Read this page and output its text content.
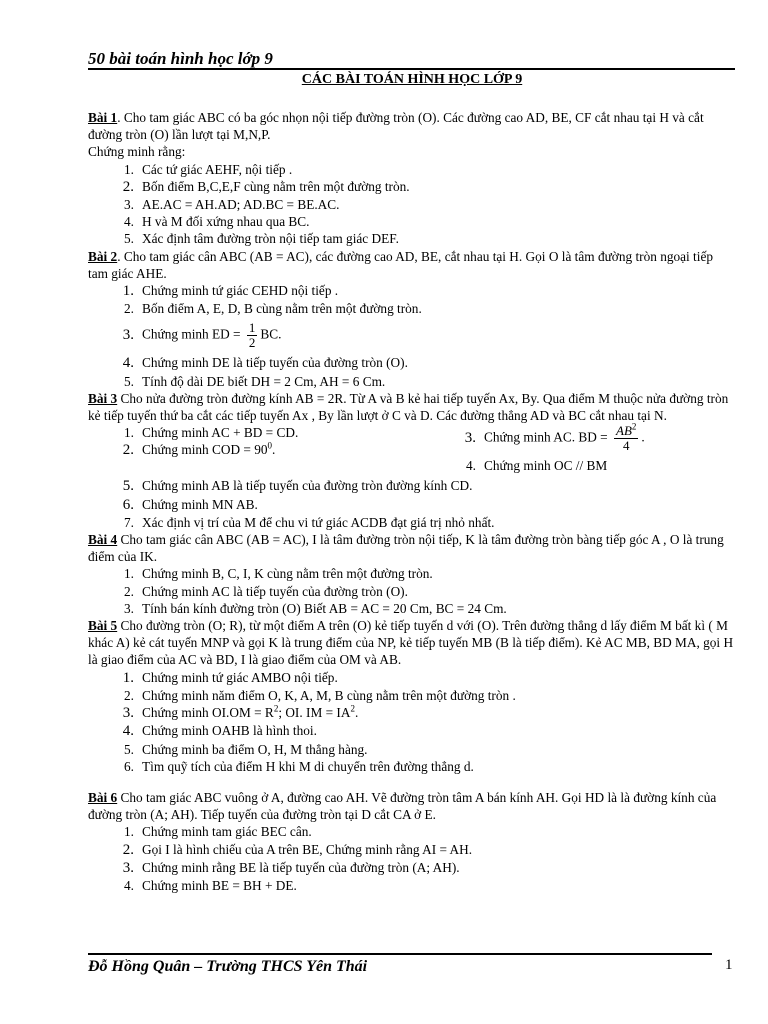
50 bài toán hình học lớp 9
CÁC BÀI TOÁN HÌNH HỌC LỚP 9

Bài 1. Cho tam giác ABC có ba góc nhọn nội tiếp đường tròn (O). Các đường cao AD, BE, CF cắt nhau tại H và cắt đường tròn (O) lần lượt tại M,N,P.

Chứng minh rằng:

1. Các tứ giác AEHF, nội tiếp .
2. Bốn điểm B,C,E,F cùng nằm trên một đường tròn.
3. AE.AC = AH.AD; AD.BC = BE.AC.
4. H và M đối xứng nhau qua BC.
5. Xác định tâm đường tròn nội tiếp tam giác DEF.

Bài 2. Cho tam giác cân ABC (AB = AC), các đường cao AD, BE, cắt nhau tại H. Gọi O là tâm đường tròn ngoại tiếp tam giác AHE.

1. Chứng minh tứ giác CEHD nội tiếp .
2. Bốn điểm A, E, D, B cùng nằm trên một đường tròn.
3. Chứng minh ED = $\frac{1}{2}$ BC.
4. Chứng minh DE là tiếp tuyến của đường tròn (O).
5. Tính độ dài DE biết DH = 2 Cm, AH = 6 Cm.

Bài 3 Cho nửa đường tròn đường kính AB = 2R. Từ A và B kẻ hai tiếp tuyến Ax, By. Qua điểm M thuộc nửa đường tròn kẻ tiếp tuyến thứ ba cắt các tiếp tuyến Ax , By lần lượt ở C và D. Các đường thẳng AD và BC cắt nhau tại N.

1. Chứng minh AC + BD = CD.
2. Chứng minh COD = $90^0$.
3. Chứng minh AC. BD = $\frac{AB^2}{4}$ .
4. Chứng minh OC // BM
5. Chứng minh AB là tiếp tuyến của đường tròn đường kính CD.
6. Chứng minh MN AB.
7. Xác định vị trí của M để chu vi tứ giác ACDB đạt giá trị nhỏ nhất.

Bài 4 Cho tam giác cân ABC (AB = AC), I là tâm đường tròn nội tiếp, K là tâm đường tròn bàng tiếp góc A , O là trung điểm của IK.

1. Chứng minh B, C, I, K cùng nằm trên một đường tròn.
2. Chứng minh AC là tiếp tuyến của đường tròn (O).
3. Tính bán kính đường tròn (O) Biết AB = AC = 20 Cm, BC = 24 Cm.

Bài 5 Cho đường tròn (O; R), từ một điểm A trên (O) kẻ tiếp tuyến d với (O). Trên đường thẳng d lấy điểm M bất kì ( M khác A) kẻ cát tuyến MNP và gọi K là trung điểm của NP, kẻ tiếp tuyến MB (B là tiếp điểm). Kẻ AC MB, BD MA, gọi H là giao điểm của AC và BD, I là giao điểm của OM và AB.

1. Chứng minh tứ giác AMBO nội tiếp.
2. Chứng minh năm điểm O, K, A, M, B cùng nằm trên một đường tròn .
3. Chứng minh $OI.OM = R^2$; OI. IM = $IA^2$.
4. Chứng minh OAHB là hình thoi.
5. Chứng minh ba điểm O, H, M thẳng hàng.
6. Tìm quỹ tích của điểm H khi M di chuyển trên đường thẳng d.

Bài 6 Cho tam giác ABC vuông ở A, đường cao AH. Vẽ đường tròn tâm A bán kính AH. Gọi HD là là đường kính của đường tròn (A; AH). Tiếp tuyến của đường tròn tại D cắt CA ở E.

1. Chứng minh tam giác BEC cân.
2. Gọi I là hình chiếu của A trên BE, Chứng minh rằng AI = AH.
3. Chứng minh rằng BE là tiếp tuyến của đường tròn (A; AH).
4. Chứng minh BE = BH + DE.
Đỗ Hồng Quân – Trường THCS Yên Thái	1
